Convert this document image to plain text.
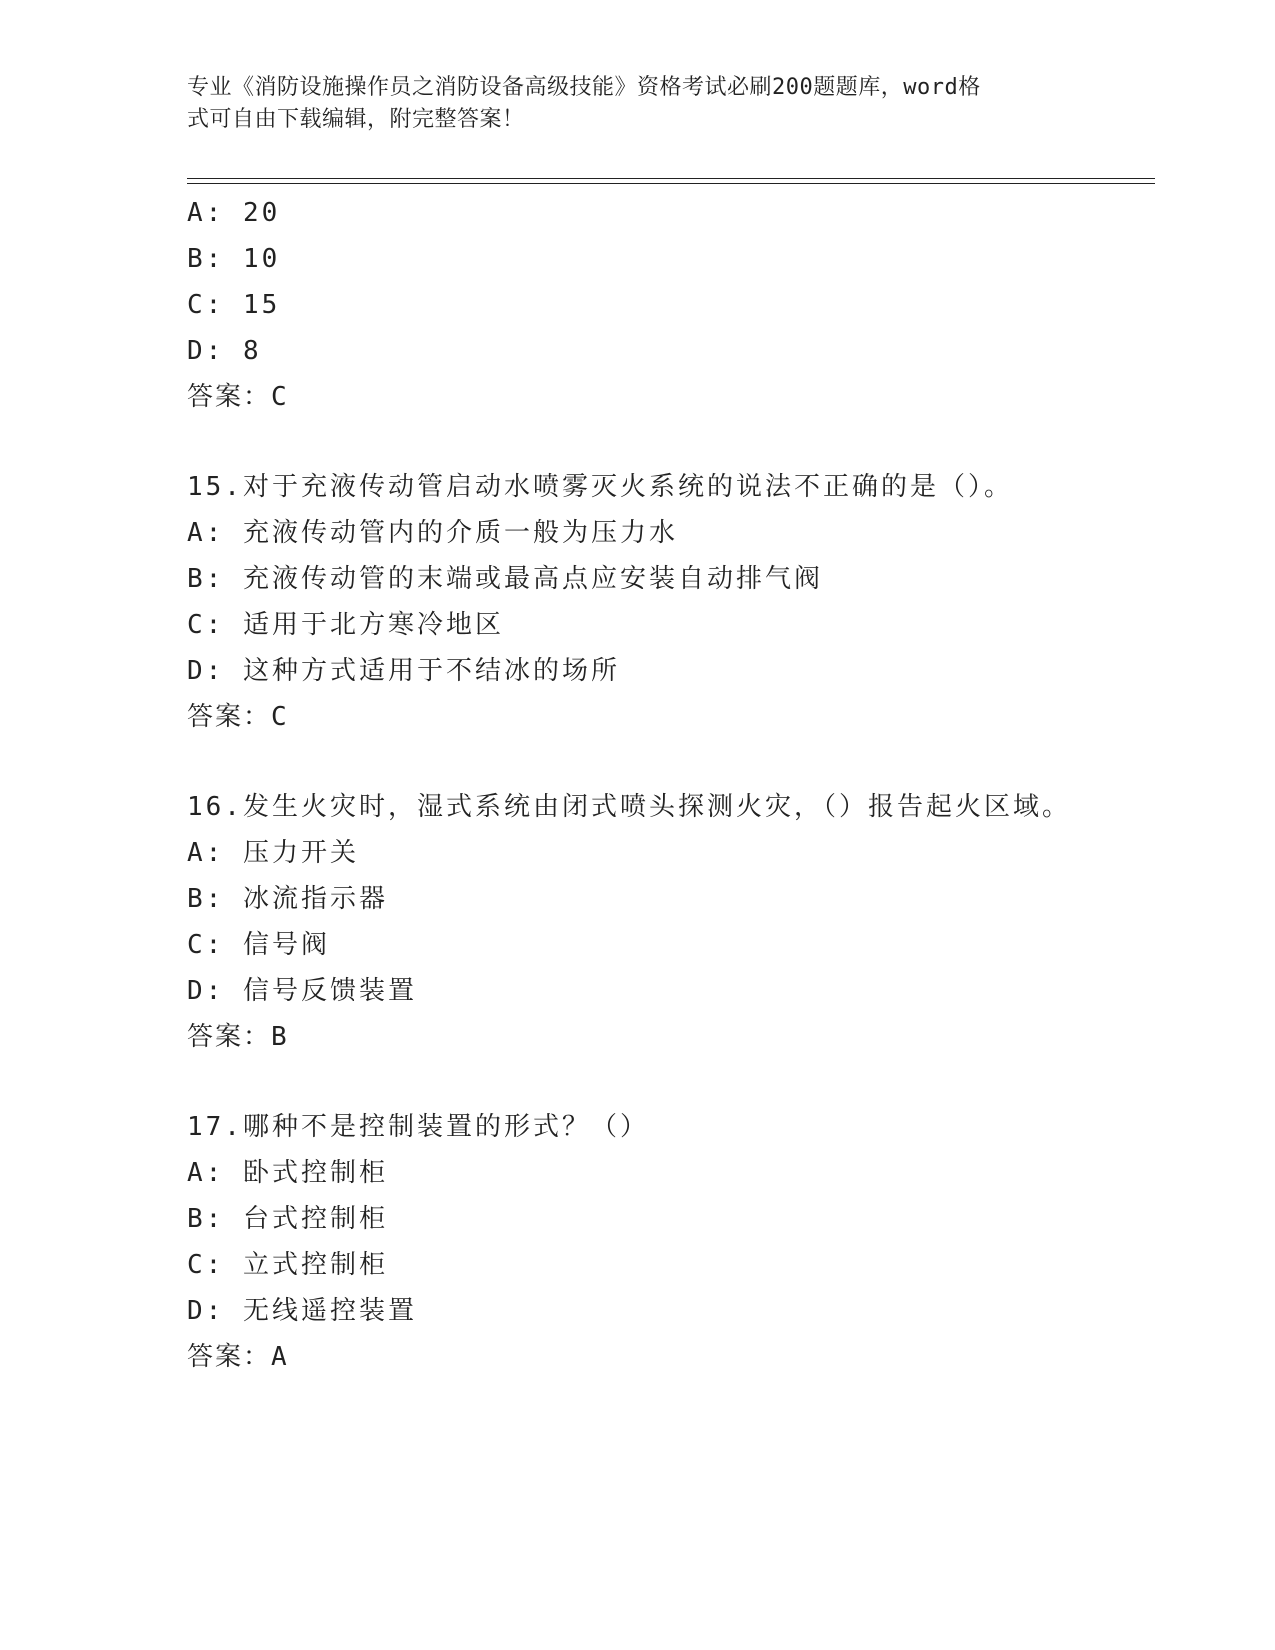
专业《消防设施操作员之消防设备高级技能》资格考试必刷200题题库，word格
式可自由下载编辑，附完整答案！
A: 20
B: 10
C: 15
D: 8
答案：C
15.对于充液传动管启动水喷雾灭火系统的说法不正确的是（）。
A: 充液传动管内的介质一般为压力水
B: 充液传动管的末端或最高点应安装自动排气阀
C: 适用于北方寒冷地区
D: 这种方式适用于不结冰的场所
答案：C
16.发生火灾时，湿式系统由闭式喷头探测火灾，（）报告起火区域。
A: 压力开关
B: 冰流指示器
C: 信号阀
D: 信号反馈装置
答案：B
17.哪种不是控制装置的形式？（）
A: 卧式控制柜
B: 台式控制柜
C: 立式控制柜
D: 无线遥控装置
答案：A
